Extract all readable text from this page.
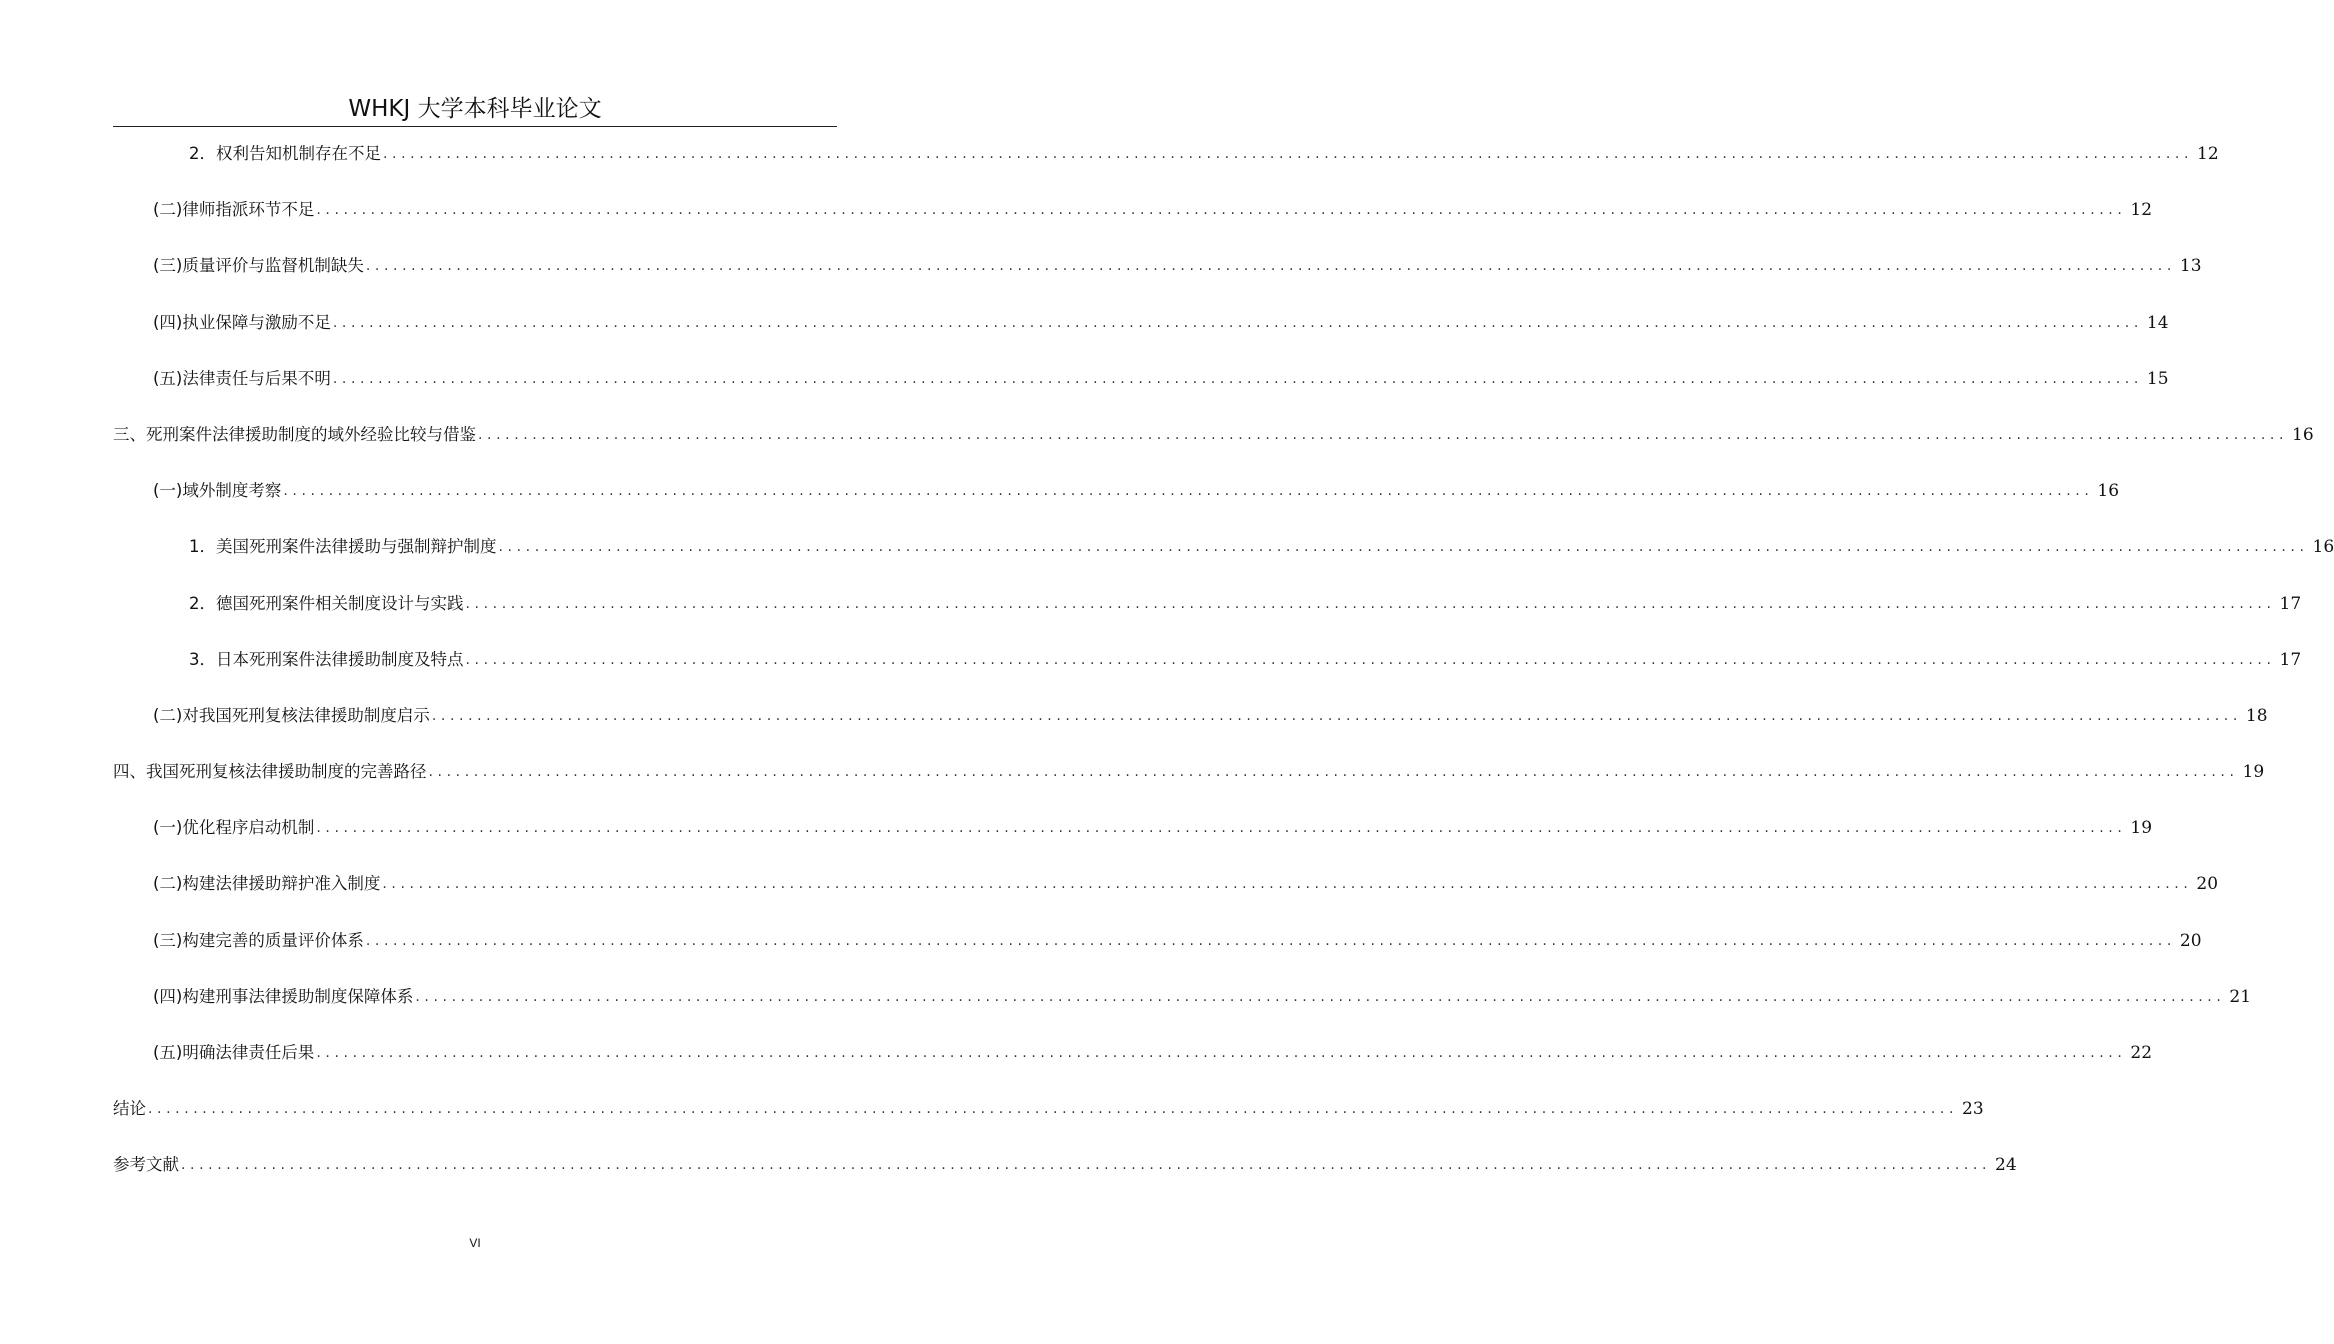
WHKJ 大学本科毕业论文
2．权利告知机制存在不足 ........................................................................................................................................................................................................ 12
(二)律师指派环节不足 ........................................................................................................................................................................................................ 12
(三)质量评价与监督机制缺失 ........................................................................................................................................................................................................ 13
(四)执业保障与激励不足 ........................................................................................................................................................................................................ 14
(五)法律责任与后果不明 ........................................................................................................................................................................................................ 15
三、死刑案件法律援助制度的域外经验比较与借鉴 ........................................................................................................................................................................................................ 16
(一)域外制度考察 ........................................................................................................................................................................................................ 16
1．美国死刑案件法律援助与强制辩护制度 ........................................................................................................................................................................................................ 16
2．德国死刑案件相关制度设计与实践 ........................................................................................................................................................................................................ 17
3．日本死刑案件法律援助制度及特点 ........................................................................................................................................................................................................ 17
(二)对我国死刑复核法律援助制度启示 ........................................................................................................................................................................................................ 18
四、我国死刑复核法律援助制度的完善路径 ........................................................................................................................................................................................................ 19
(一)优化程序启动机制 ........................................................................................................................................................................................................ 19
(二)构建法律援助辩护准入制度 ........................................................................................................................................................................................................ 20
(三)构建完善的质量评价体系 ........................................................................................................................................................................................................ 20
(四)构建刑事法律援助制度保障体系 ........................................................................................................................................................................................................ 21
(五)明确法律责任后果 ........................................................................................................................................................................................................ 22
结论 ........................................................................................................................................................................................................ 23
参考文献 ........................................................................................................................................................................................................ 24
VI
